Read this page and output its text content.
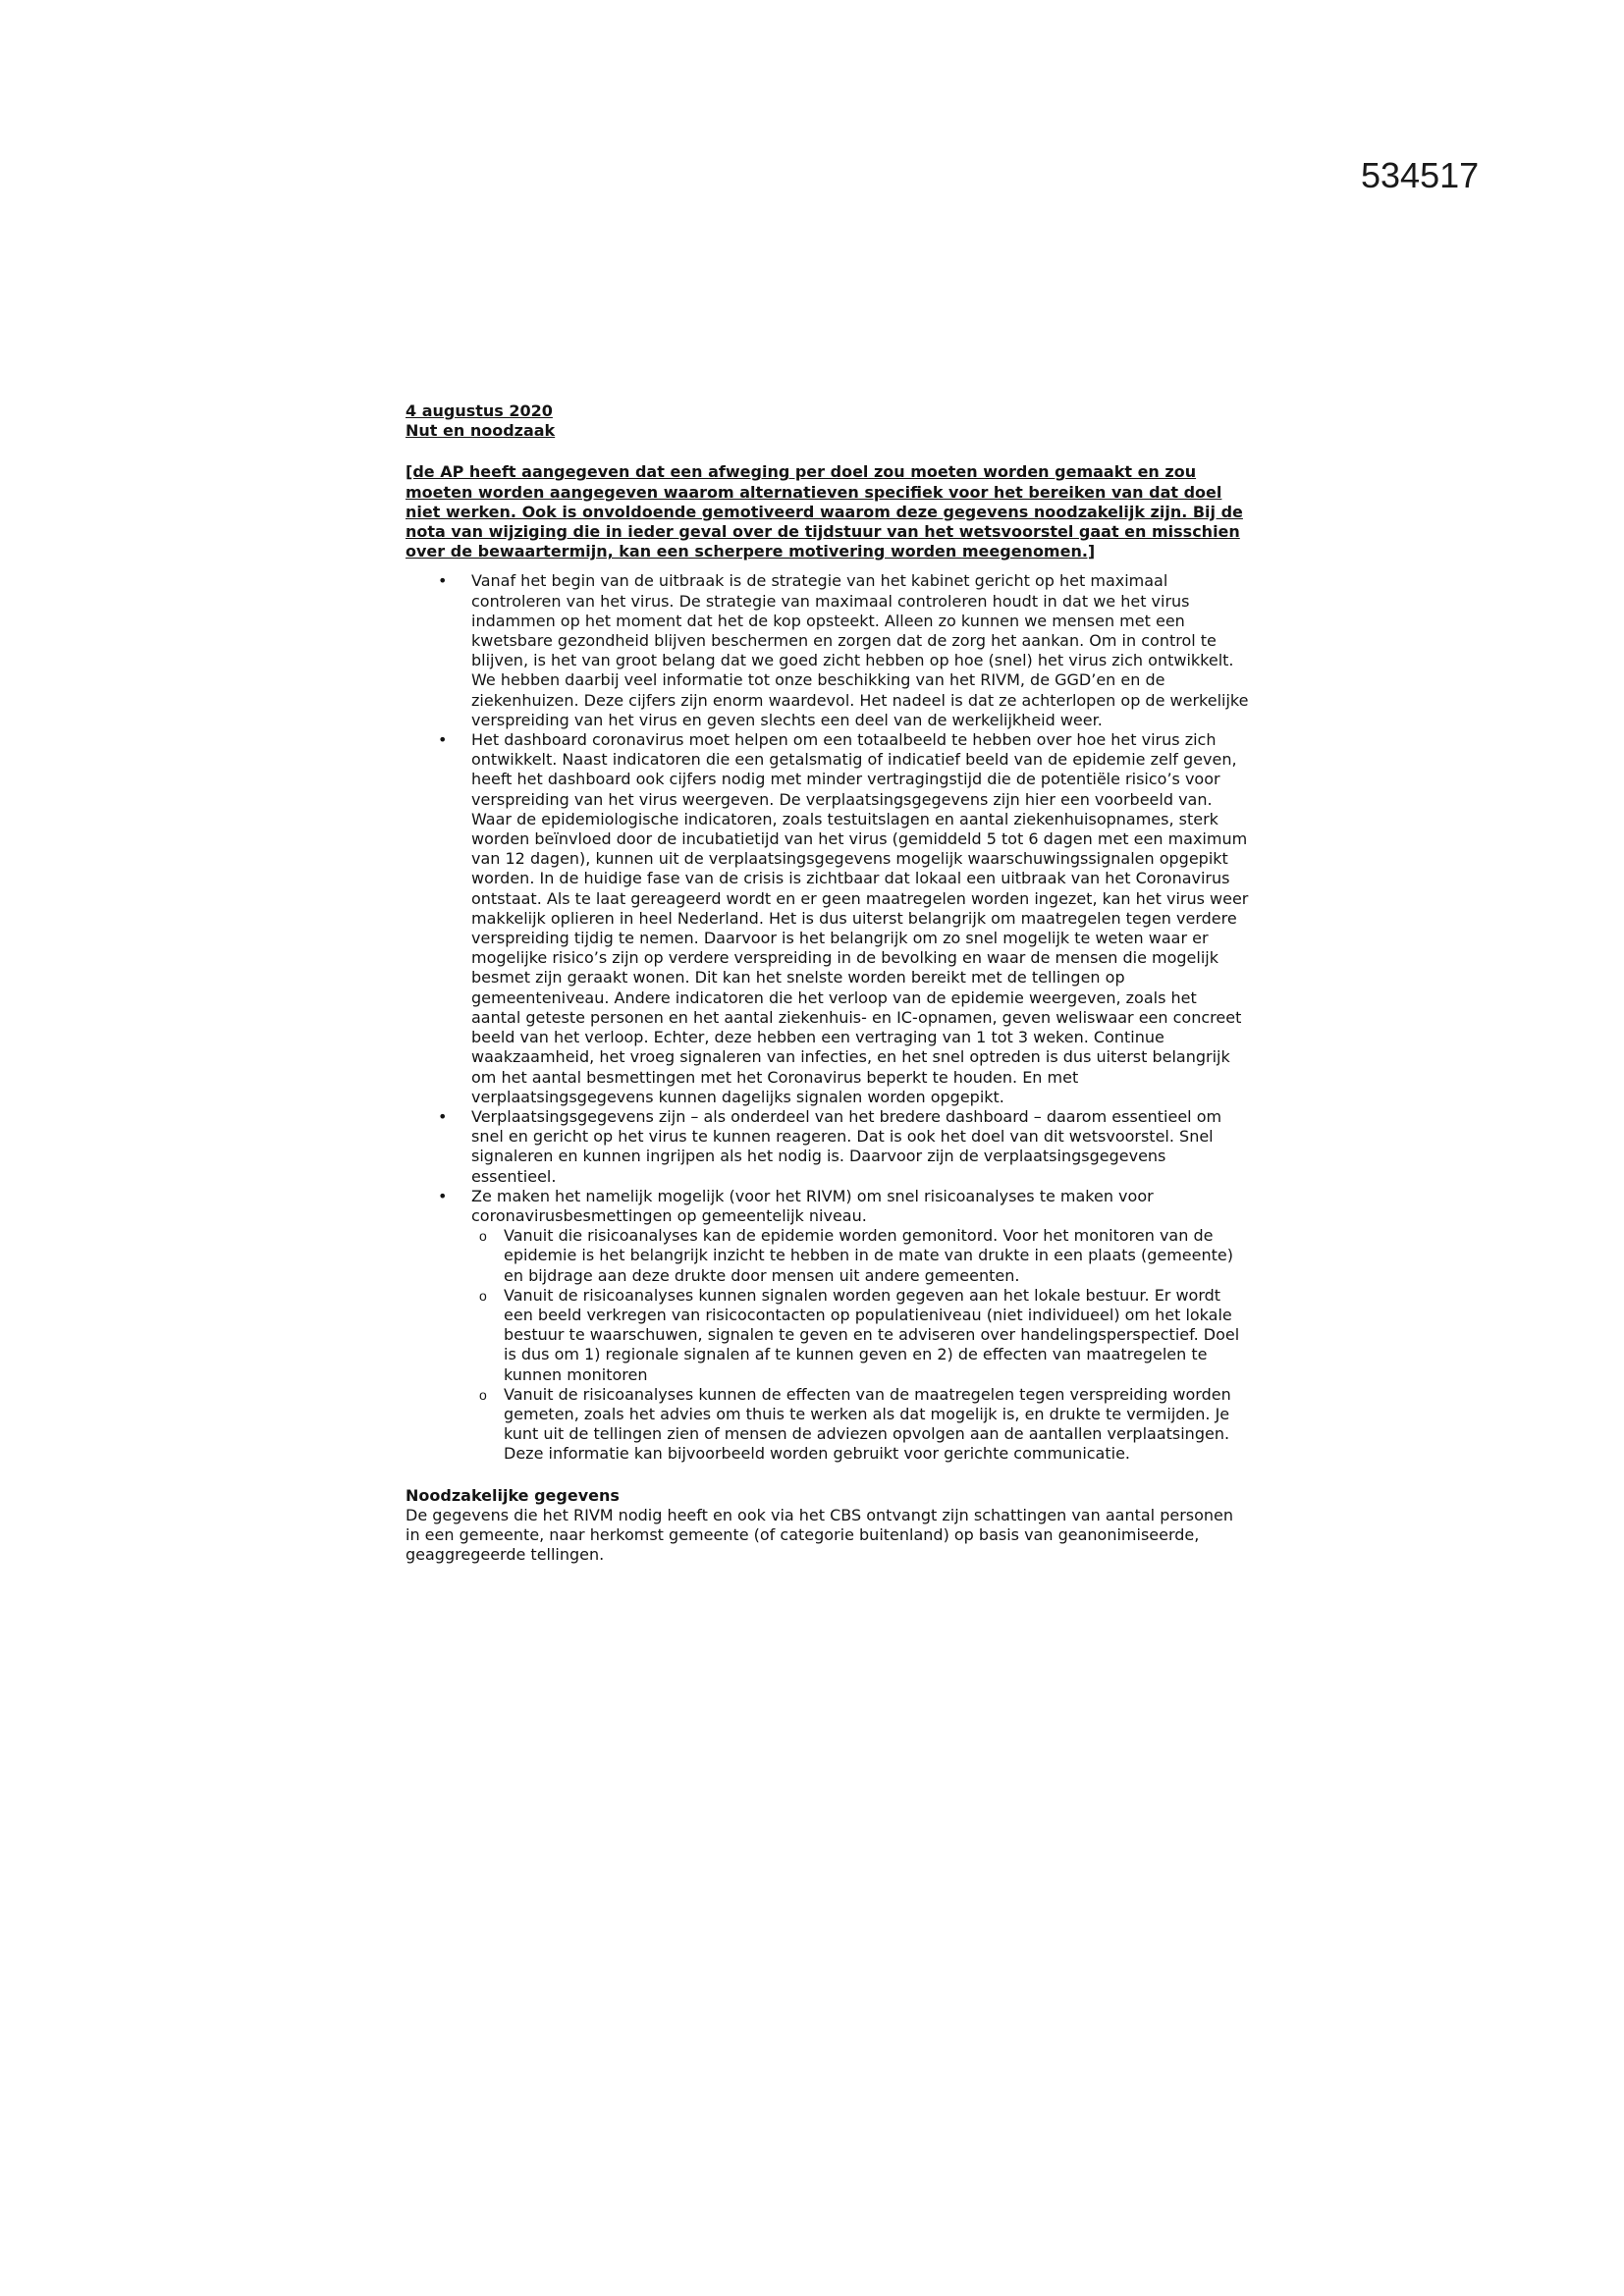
534517

4 augustus 2020

Nut en noodzaak

[de AP heeft aangegeven dat een afweging per doel zou moeten worden gemaakt en zou moeten worden aangegeven waarom alternatieven specifiek voor het bereiken van dat doel niet werken. Ook is onvoldoende gemotiveerd waarom deze gegevens noodzakelijk zijn. Bij de nota van wijziging die in ieder geval over de tijdstuur van het wetsvoorstel gaat en misschien over de bewaartermijn, kan een scherpere motivering worden meegenomen.]

• Vanaf het begin van de uitbraak is de strategie van het kabinet gericht op het maximaal controleren van het virus. De strategie van maximaal controleren houdt in dat we het virus indammen op het moment dat het de kop opsteekt. Alleen zo kunnen we mensen met een kwetsbare gezondheid blijven beschermen en zorgen dat de zorg het aankan. Om in control te blijven, is het van groot belang dat we goed zicht hebben op hoe (snel) het virus zich ontwikkelt. We hebben daarbij veel informatie tot onze beschikking van het RIVM, de GGD’en en de ziekenhuizen. Deze cijfers zijn enorm waardevol. Het nadeel is dat ze achterlopen op de werkelijke verspreiding van het virus en geven slechts een deel van de werkelijkheid weer.
• Het dashboard coronavirus moet helpen om een totaalbeeld te hebben over hoe het virus zich ontwikkelt. Naast indicatoren die een getalsmatig of indicatief beeld van de epidemie zelf geven, heeft het dashboard ook cijfers nodig met minder vertragingstijd die de potentiële risico’s voor verspreiding van het virus weergeven. De verplaatsingsgegevens zijn hier een voorbeeld van. Waar de epidemiologische indicatoren, zoals testuitslagen en aantal ziekenhuisopnames, sterk worden beïnvloed door de incubatietijd van het virus (gemiddeld 5 tot 6 dagen met een maximum van 12 dagen), kunnen uit de verplaatsingsgegevens mogelijk waarschuwingssignalen opgepikt worden. In de huidige fase van de crisis is zichtbaar dat lokaal een uitbraak van het Coronavirus ontstaat. Als te laat gereageerd wordt en er geen maatregelen worden ingezet, kan het virus weer makkelijk oplieren in heel Nederland. Het is dus uiterst belangrijk om maatregelen tegen verdere verspreiding tijdig te nemen. Daarvoor is het belangrijk om zo snel mogelijk te weten waar er mogelijke risico’s zijn op verdere verspreiding in de bevolking en waar de mensen die mogelijk besmet zijn geraakt wonen. Dit kan het snelste worden bereikt met de tellingen op gemeenteniveau. Andere indicatoren die het verloop van de epidemie weergeven, zoals het aantal geteste personen en het aantal ziekenhuis- en IC-opnamen, geven weliswaar een concreet beeld van het verloop. Echter, deze hebben een vertraging van 1 tot 3 weken. Continue waakzaamheid, het vroeg signaleren van infecties, en het snel optreden is dus uiterst belangrijk om het aantal besmettingen met het Coronavirus beperkt te houden. En met verplaatsingsgegevens kunnen dagelijks signalen worden opgepikt.
• Verplaatsingsgegevens zijn – als onderdeel van het bredere dashboard – daarom essentieel om snel en gericht op het virus te kunnen reageren. Dat is ook het doel van dit wetsvoorstel. Snel signaleren en kunnen ingrijpen als het nodig is. Daarvoor zijn de verplaatsingsgegevens essentieel.
• Ze maken het namelijk mogelijk (voor het RIVM) om snel risicoanalyses te maken voor coronavirusbesmettingen op gemeentelijk niveau.
o Vanuit die risicoanalyses kan de epidemie worden gemonitord. Voor het monitoren van de epidemie is het belangrijk inzicht te hebben in de mate van drukte in een plaats (gemeente) en bijdrage aan deze drukte door mensen uit andere gemeenten.
o Vanuit de risicoanalyses kunnen signalen worden gegeven aan het lokale bestuur. Er wordt een beeld verkregen van risicocontacten op populatieniveau (niet individueel) om het lokale bestuur te waarschuwen, signalen te geven en te adviseren over handelingsperspectief. Doel is dus om 1) regionale signalen af te kunnen geven en 2) de effecten van maatregelen te kunnen monitoren
o Vanuit de risicoanalyses kunnen de effecten van de maatregelen tegen verspreiding worden gemeten, zoals het advies om thuis te werken als dat mogelijk is, en drukte te vermijden. Je kunt uit de tellingen zien of mensen de adviezen opvolgen aan de aantallen verplaatsingen. Deze informatie kan bijvoorbeeld worden gebruikt voor gerichte communicatie.

Noodzakelijke gegevens

De gegevens die het RIVM nodig heeft en ook via het CBS ontvangt zijn schattingen van aantal personen in een gemeente, naar herkomst gemeente (of categorie buitenland) op basis van geanonimiseerde, geaggregeerde tellingen.
